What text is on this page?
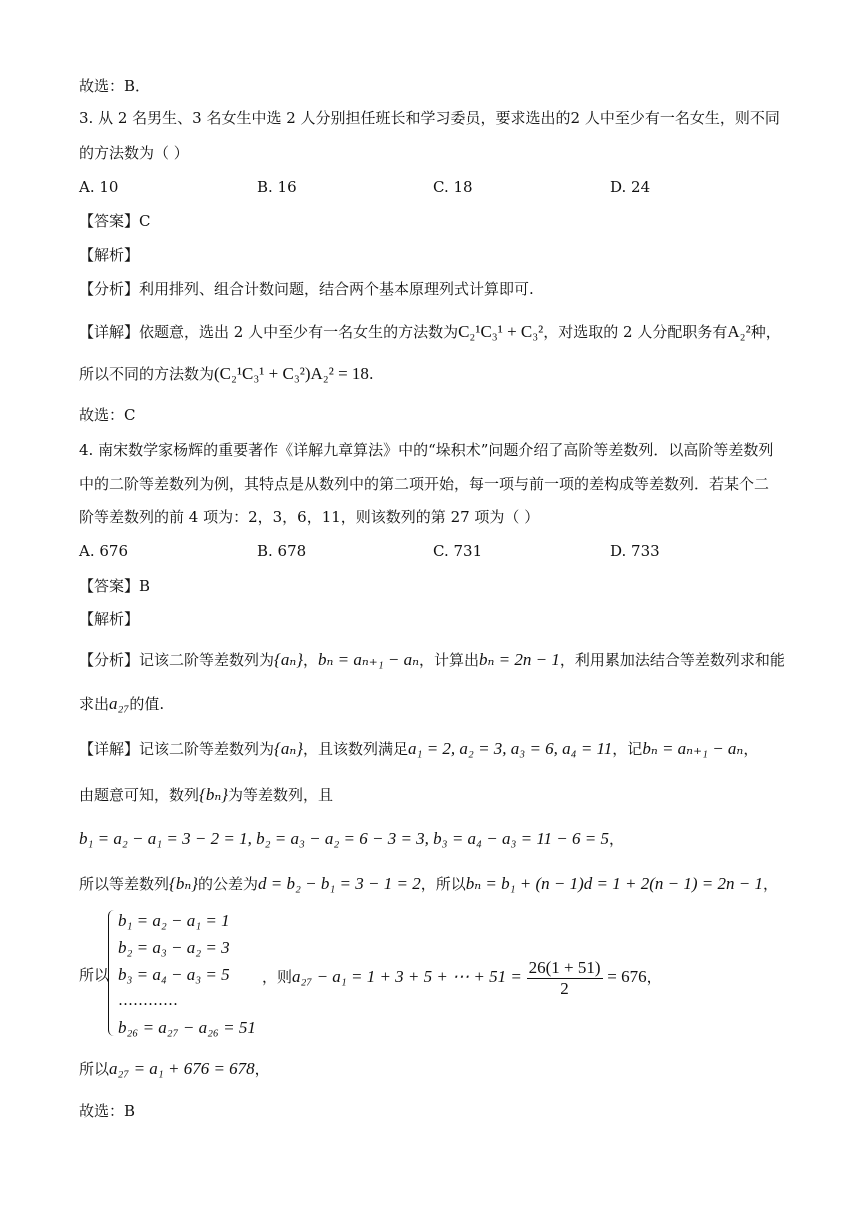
故选：B．
3. 从 2 名男生、3 名女生中选 2 人分别担任班长和学习委员，要求选出的2 人中至少有一名女生，则不同
的方法数为（ ）
A. 10	B. 16	C. 18	D. 24
【答案】C
【解析】
【分析】利用排列、组合计数问题，结合两个基本原理列式计算即可.
【详解】依题意，选出 2 人中至少有一名女生的方法数为C₂¹C₃¹ + C₃²，对选取的 2 人分配职务有A₂²种，
所以不同的方法数为(C₂¹C₃¹ + C₃²)A₂² = 18.
故选：C
4. 南宋数学家杨辉的重要著作《详解九章算法》中的“垛积术”问题介绍了高阶等差数列．以高阶等差数列
中的二阶等差数列为例，其特点是从数列中的第二项开始，每一项与前一项的差构成等差数列．若某个二
阶等差数列的前 4 项为：2，3，6，11，则该数列的第 27 项为（ ）
A. 676	B. 678	C. 731	D. 733
【答案】B
【解析】
【分析】记该二阶等差数列为{aₙ}，bₙ = aₙ₊₁ − aₙ，计算出bₙ = 2n − 1，利用累加法结合等差数列求和能
求出a₂₇的值.
【详解】记该二阶等差数列为{aₙ}，且该数列满足a₁ = 2, a₂ = 3, a₃ = 6, a₄ = 11，记bₙ = aₙ₊₁ − aₙ，
由题意可知，数列{bₙ}为等差数列，且
b₁ = a₂ − a₁ = 3 − 2 = 1, b₂ = a₃ − a₂ = 6 − 3 = 3, b₃ = a₄ − a₃ = 11 − 6 = 5，
所以等差数列{bₙ}的公差为d = b₂ − b₁ = 3 − 1 = 2，所以bₙ = b₁ + (n − 1)d = 1 + 2(n − 1) = 2n − 1，
所以
b₁ = a₂ − a₁ = 1
b₂ = a₃ − a₂ = 3
b₃ = a₄ − a₃ = 5
…………
b₂₆ = a₂₇ − a₂₆ = 51
，则a₂₇ − a₁ = 1 + 3 + 5 + ⋯ + $51 = \frac{26(1 + 51)}{2} = 676$，
所以a₂₇ = a₁ + 676 = 678，
故选：B
